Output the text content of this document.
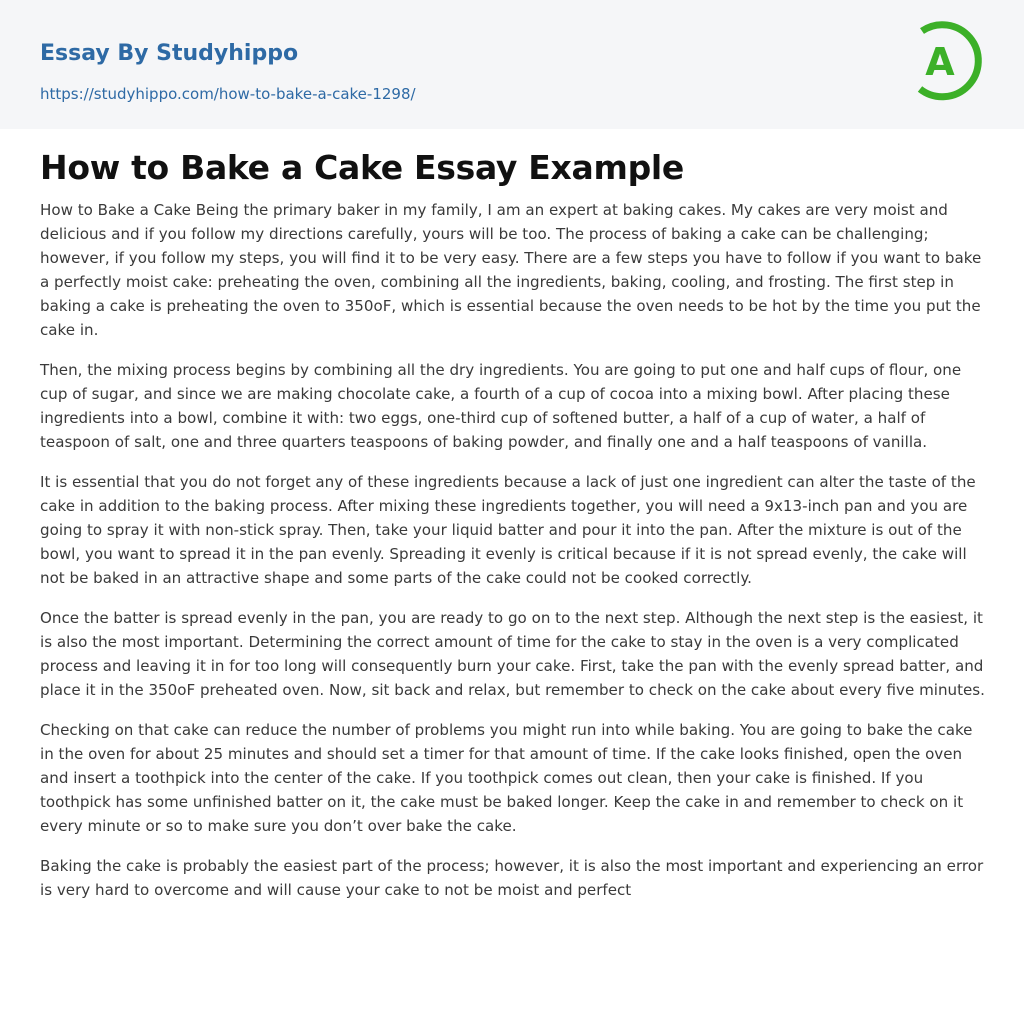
Essay By Studyhippo
https://studyhippo.com/how-to-bake-a-cake-1298/
A
How to Bake a Cake Essay Example

How to Bake a Cake Being the primary baker in my family, I am an expert at baking cakes. My cakes are very moist and delicious and if you follow my directions carefully, yours will be too. The process of baking a cake can be challenging; however, if you follow my steps, you will find it to be very easy. There are a few steps you have to follow if you want to bake a perfectly moist cake: preheating the oven, combining all the ingredients, baking, cooling, and frosting. The first step in baking a cake is preheating the oven to 350oF, which is essential because the oven needs to be hot by the time you put the cake in.

Then, the mixing process begins by combining all the dry ingredients. You are going to put one and half cups of flour, one cup of sugar, and since we are making chocolate cake, a fourth of a cup of cocoa into a mixing bowl. After placing these ingredients into a bowl, combine it with: two eggs, one-third cup of softened butter, a half of a cup of water, a half of teaspoon of salt, one and three quarters teaspoons of baking powder, and finally one and a half teaspoons of vanilla.

It is essential that you do not forget any of these ingredients because a lack of just one ingredient can alter the taste of the cake in addition to the baking process. After mixing these ingredients together, you will need a 9x13-inch pan and you are going to spray it with non-stick spray. Then, take your liquid batter and pour it into the pan. After the mixture is out of the bowl, you want to spread it in the pan evenly. Spreading it evenly is critical because if it is not spread evenly, the cake will not be baked in an attractive shape and some parts of the cake could not be cooked correctly.

Once the batter is spread evenly in the pan, you are ready to go on to the next step. Although the next step is the easiest, it is also the most important. Determining the correct amount of time for the cake to stay in the oven is a very complicated process and leaving it in for too long will consequently burn your cake. First, take the pan with the evenly spread batter, and place it in the 350oF preheated oven. Now, sit back and relax, but remember to check on the cake about every five minutes.

Checking on that cake can reduce the number of problems you might run into while baking. You are going to bake the cake in the oven for about 25 minutes and should set a timer for that amount of time. If the cake looks finished, open the oven and insert a toothpick into the center of the cake. If you toothpick comes out clean, then your cake is finished. If you toothpick has some unfinished batter on it, the cake must be baked longer. Keep the cake in and remember to check on it every minute or so to make sure you don’t over bake the cake.

Baking the cake is probably the easiest part of the process; however, it is also the most important and experiencing an error is very hard to overcome and will cause your cake to not be moist and perfect
